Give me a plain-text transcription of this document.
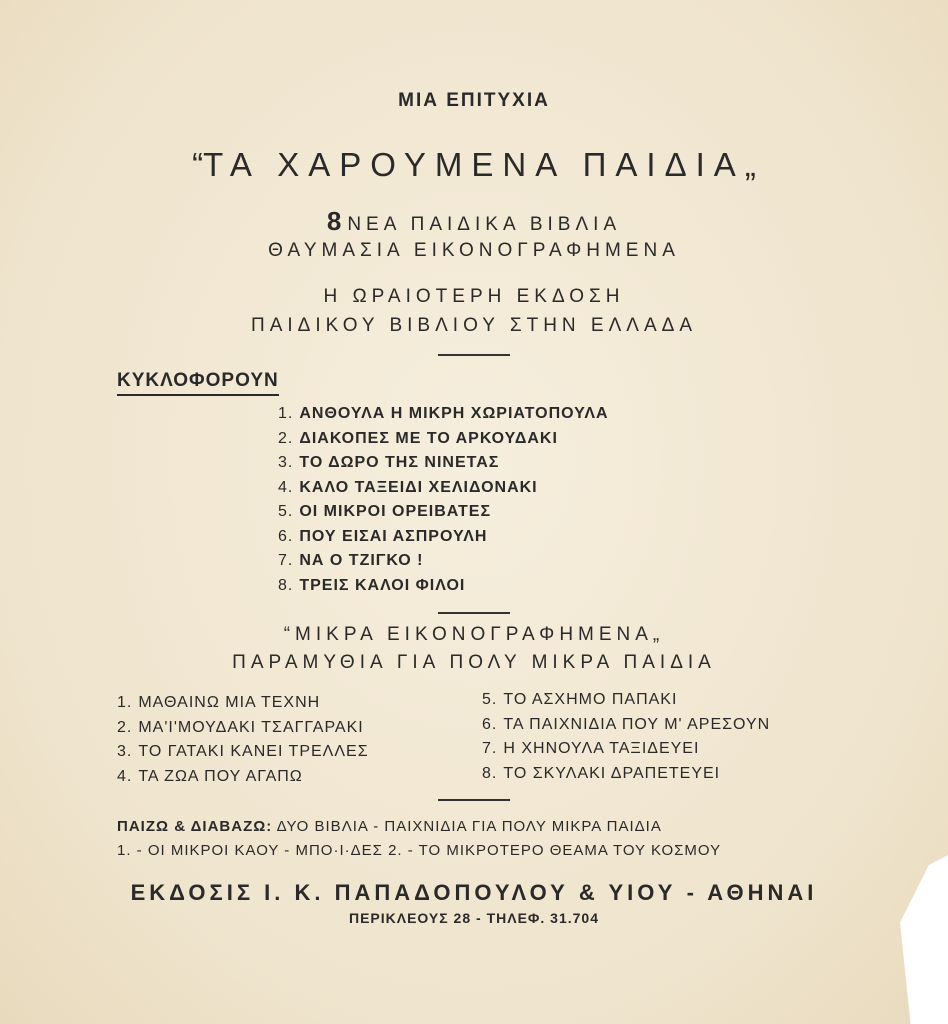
ΜΙΑ ΕΠΙΤΥΧΙΑ
“ΤΑ ΧΑΡΟΥΜΕΝΑ ΠΑΙΔΙΑ„
8 ΝΕΑ ΠΑΙΔΙΚΑ ΒΙΒΛΙΑ
ΘΑΥΜΑΣΙΑ ΕΙΚΟΝΟΓΡΑΦΗΜΕΝΑ
Η ΩΡΑΙΟΤΕΡΗ ΕΚΔΟΣΗ
ΠΑΙΔΙΚΟΥ ΒΙΒΛΙΟΥ ΣΤΗΝ ΕΛΛΑΔΑ
ΚΥΚΛΟΦΟΡΟΥΝ
1. ΑΝΘΟΥΛΑ Η ΜΙΚΡΗ ΧΩΡΙΑΤΟΠΟΥΛΑ
2. ΔΙΑΚΟΠΕΣ ΜΕ ΤΟ ΑΡΚΟΥΔΑΚΙ
3. ΤΟ ΔΩΡΟ ΤΗΣ ΝΙΝΕΤΑΣ
4. ΚΑΛΟ ΤΑΞΕΙΔΙ ΧΕΛΙΔΟΝΑΚΙ
5. ΟΙ ΜΙΚΡΟΙ ΟΡΕΙΒΑΤΕΣ
6. ΠΟΥ ΕΙΣΑΙ ΑΣΠΡΟΥΛΗ
7. ΝΑ Ο ΤΖΙΓΚΟ !
8. ΤΡΕΙΣ ΚΑΛΟΙ ΦΙΛΟΙ
“ΜΙΚΡΑ ΕΙΚΟΝΟΓΡΑΦΗΜΕΝΑ„
ΠΑΡΑΜΥΘΙΑ ΓΙΑ ΠΟΛΥ ΜΙΚΡΑ ΠΑΙΔΙΑ
1. ΜΑΘΑΙΝΩ ΜΙΑ ΤΕΧΝΗ
2. ΜΑ'Ι'ΜΟΥΔΑΚΙ ΤΣΑΓΓΑΡΑΚΙ
3. ΤΟ ΓΑΤΑΚΙ ΚΑΝΕΙ ΤΡΕΛΛΕΣ
4. ΤΑ ΖΩΑ ΠΟΥ ΑΓΑΠΩ
5. ΤΟ ΑΣΧΗΜΟ ΠΑΠΑΚΙ
6. ΤΑ ΠΑΙΧΝΙΔΙΑ ΠΟΥ Μ' ΑΡΕΣΟΥΝ
7. Η ΧΗΝΟΥΛΑ ΤΑΞΙΔΕΥΕΙ
8. ΤΟ ΣΚΥΛΑΚΙ ΔΡΑΠΕΤΕΥΕΙ
ΠΑΙΖΩ & ΔΙΑΒΑΖΩ: ΔΥΟ ΒΙΒΛΙΑ - ΠΑΙΧΝΙΔΙΑ ΓΙΑ ΠΟΛΥ ΜΙΚΡΑ ΠΑΙΔΙΑ
1. - ΟΙ ΜΙΚΡΟΙ ΚΑΟΥ - ΜΠΟ·Ι·ΔΕΣ 2. - ΤΟ ΜΙΚΡΟΤΕΡΟ ΘΕΑΜΑ ΤΟΥ ΚΟΣΜΟΥ
ΕΚΔΟΣΙΣ Ι. Κ. ΠΑΠΑΔΟΠΟΥΛΟΥ & ΥΙΟΥ - ΑΘΗΝΑΙ
ΠΕΡΙΚΛΕΟΥΣ 28 - ΤΗΛΕΦ. 31.704
